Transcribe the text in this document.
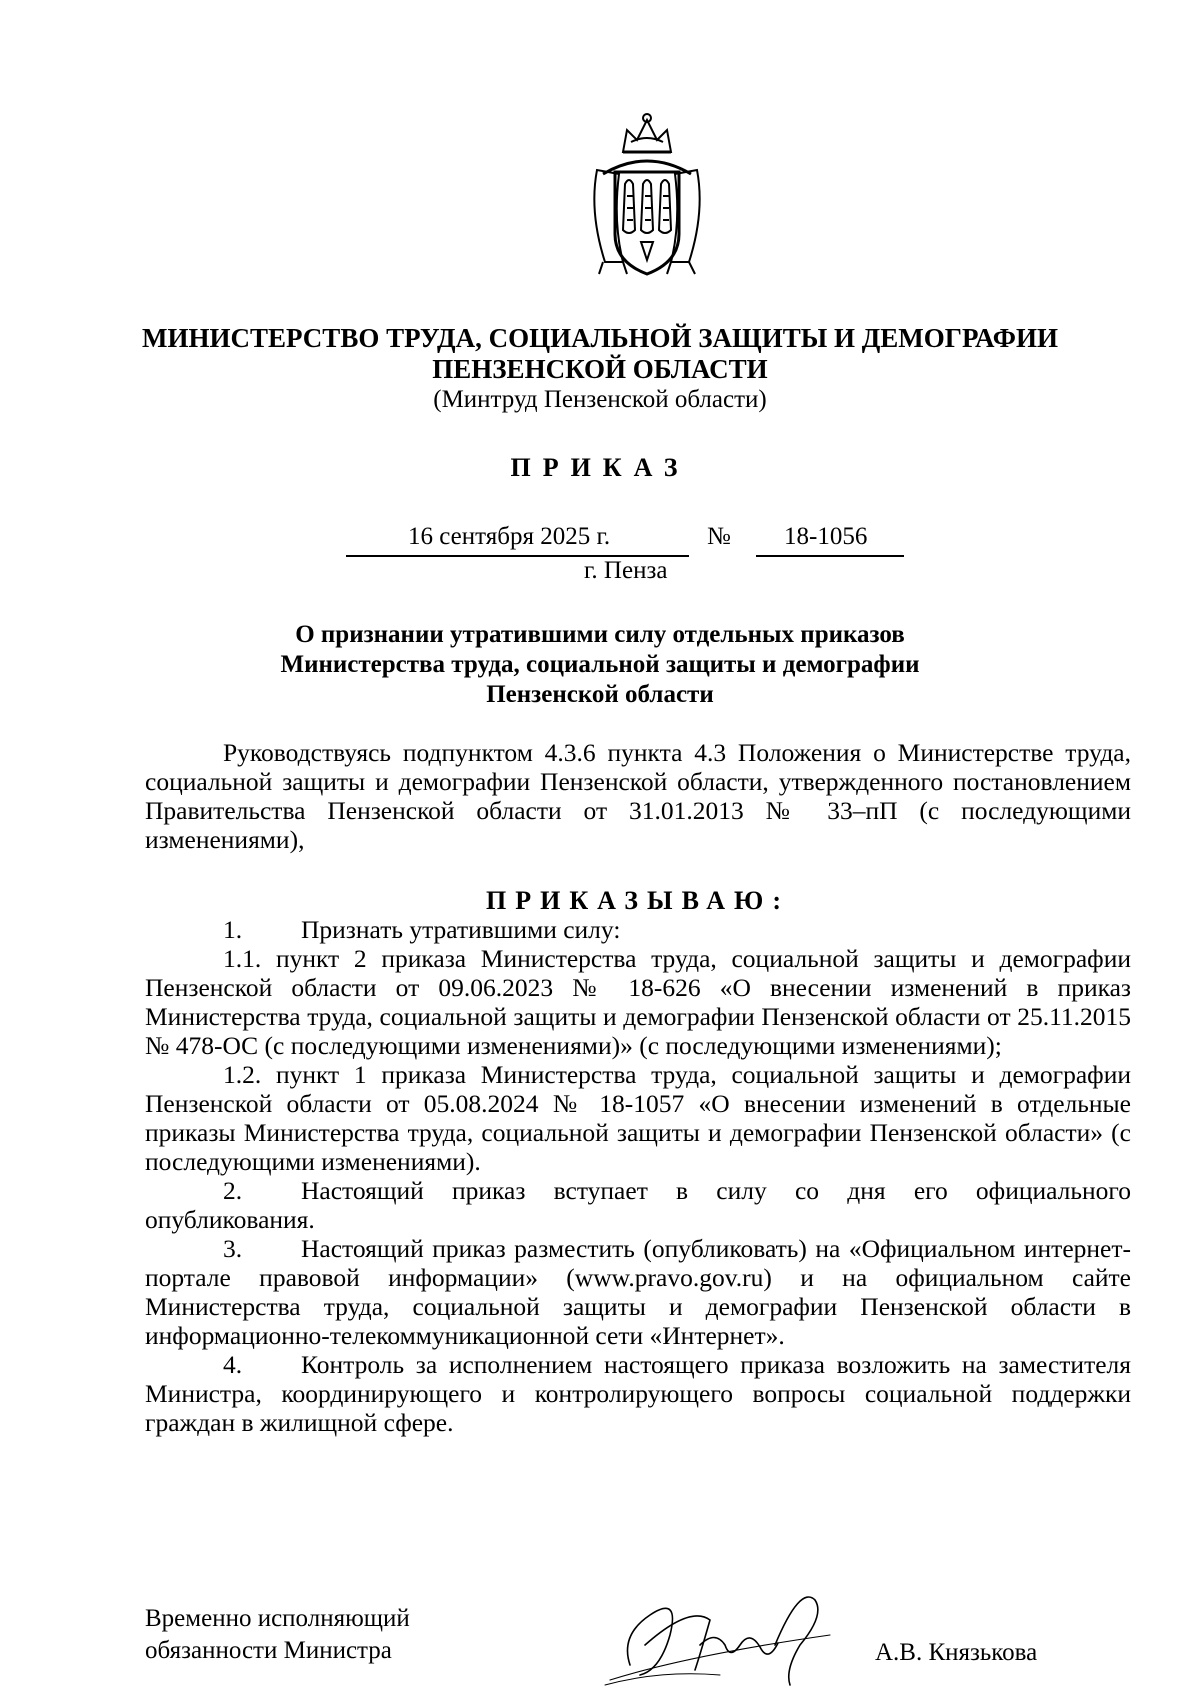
МИНИСТЕРСТВО ТРУДА, СОЦИАЛЬНОЙ ЗАЩИТЫ И ДЕМОГРАФИИ
ПЕНЗЕНСКОЙ ОБЛАСТИ
(Минтруд Пензенской области)
ПРИКАЗ
16 сентября 2025 г.	№ 18-1056
г. Пенза
О признании утратившими силу отдельных приказов
Министерства труда, социальной защиты и демографии
Пензенской области

Руководствуясь подпунктом 4.3.6 пункта 4.3 Положения о Министерстве труда, социальной защиты и демографии Пензенской области, утвержденного постановлением Правительства Пензенской области от 31.01.2013 № 33–пП (с последующими изменениями),

ПРИКАЗЫВАЮ:

1. Признать утратившими силу:

1.1. пункт 2 приказа Министерства труда, социальной защиты и демографии Пензенской области от 09.06.2023 № 18-626 «О внесении изменений в приказ Министерства труда, социальной защиты и демографии Пензенской области от 25.11.2015 № 478-ОС (с последующими изменениями)» (с последующими изменениями);

1.2. пункт 1 приказа Министерства труда, социальной защиты и демографии Пензенской области от 05.08.2024 № 18-1057 «О внесении изменений в отдельные приказы Министерства труда, социальной защиты и демографии Пензенской области» (с последующими изменениями).

2. Настоящий приказ вступает в силу со дня его официального опубликования.

3. Настоящий приказ разместить (опубликовать) на «Официальном интернет-портале правовой информации» (www.pravo.gov.ru) и на официальном сайте Министерства труда, социальной защиты и демографии Пензенской области в информационно-телекоммуникационной сети «Интернет».

4. Контроль за исполнением настоящего приказа возложить на заместителя Министра, координирующего и контролирующего вопросы социальной поддержки граждан в жилищной сфере.

Временно исполняющий
обязанности Министра	А.В. Князькова
